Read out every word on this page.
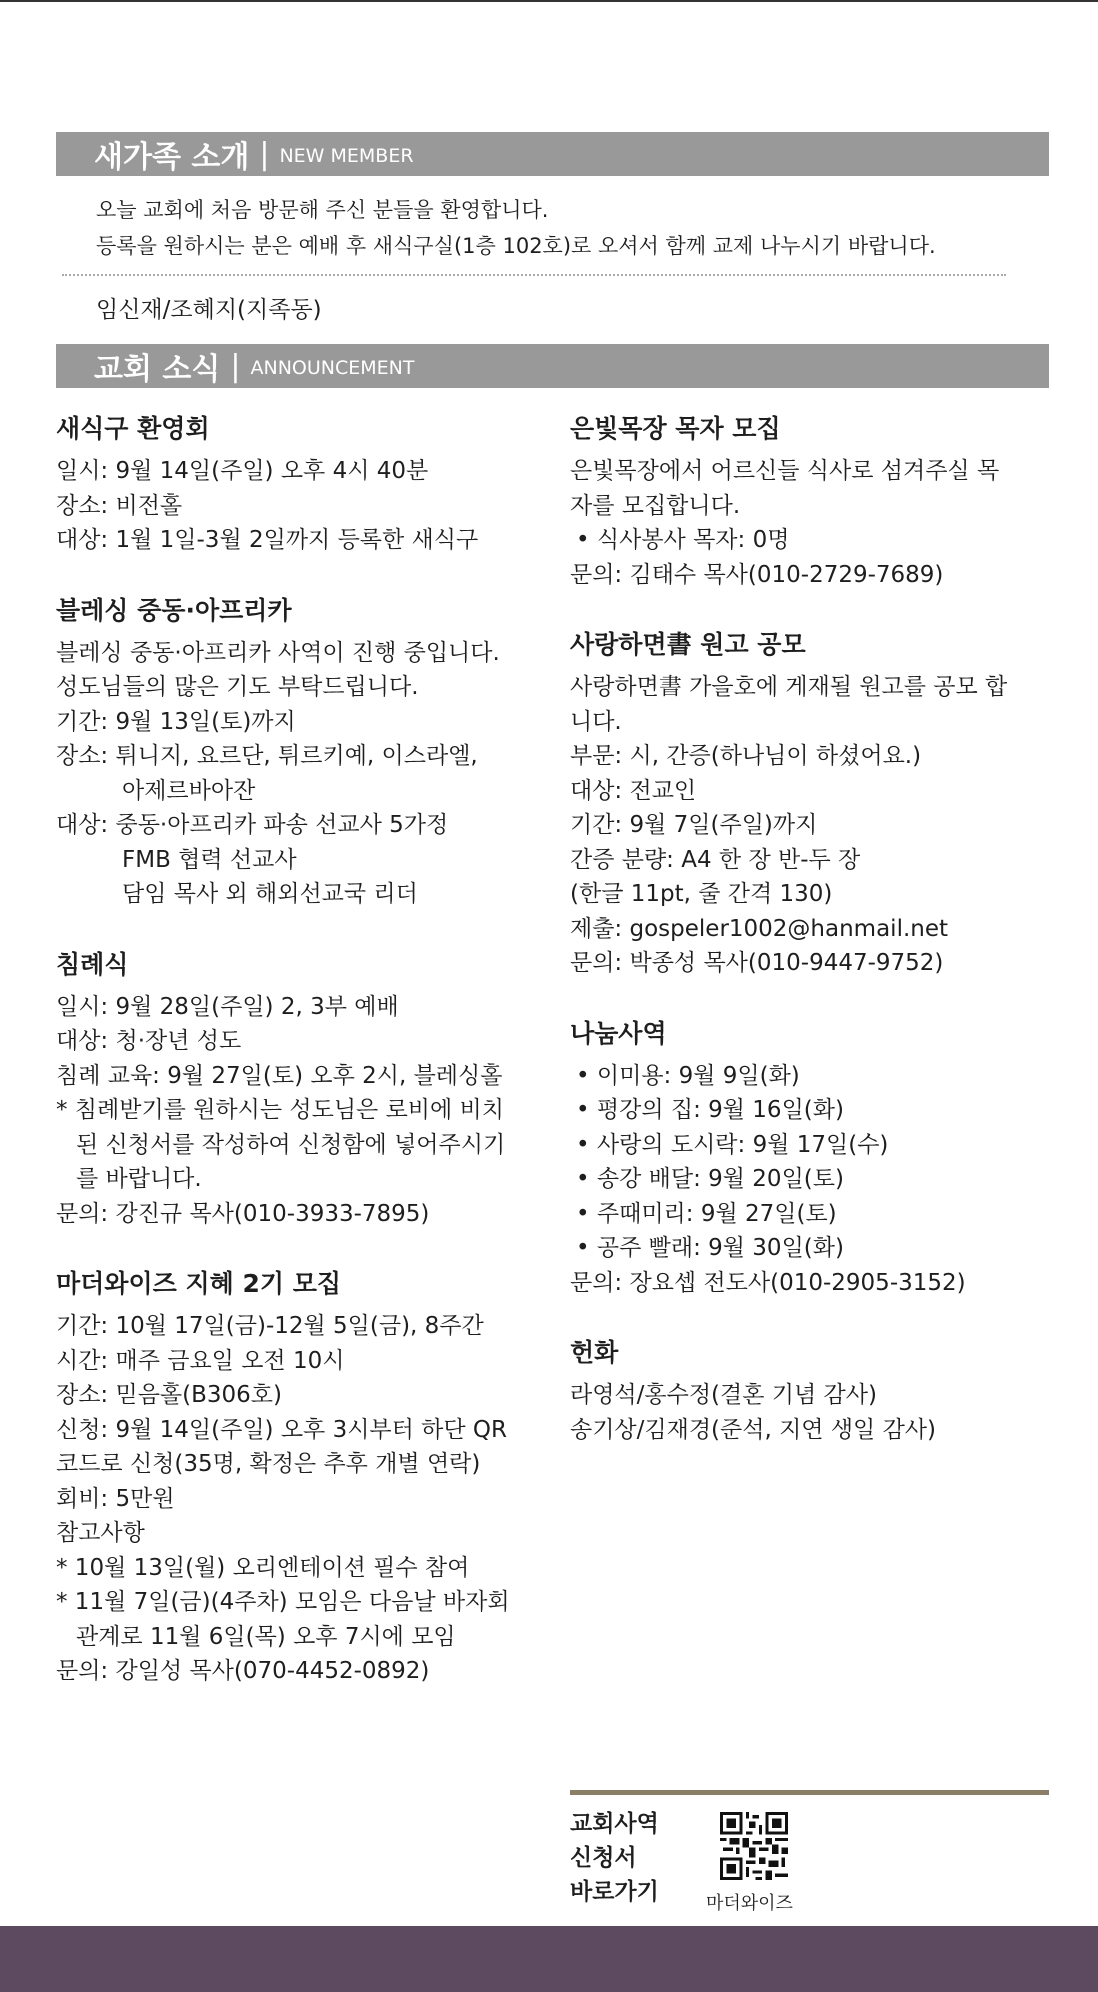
새가족 소개 | NEW MEMBER
오늘 교회에 처음 방문해 주신 분들을 환영합니다.
등록을 원하시는 분은 예배 후 새식구실(1층 102호)로 오셔서 함께 교제 나누시기 바랍니다.
임신재/조혜지(지족동)
교회 소식 | ANNOUNCEMENT
새식구 환영회
일시: 9월 14일(주일) 오후 4시 40분
장소: 비전홀
대상: 1월 1일-3월 2일까지 등록한 새식구
블레싱 중동·아프리카
블레싱 중동·아프리카 사역이 진행 중입니다.
성도님들의 많은 기도 부탁드립니다.
기간: 9월 13일(토)까지
장소: 튀니지, 요르단, 튀르키예, 이스라엘,
아제르바아잔
대상: 중동·아프리카 파송 선교사 5가정
FMB 협력 선교사
담임 목사 외 해외선교국 리더
침례식
일시: 9월 28일(주일) 2, 3부 예배
대상: 청·장년 성도
침례 교육: 9월 27일(토) 오후 2시, 블레싱홀
* 침례받기를 원하시는 성도님은 로비에 비치
된 신청서를 작성하여 신청함에 넣어주시기
를 바랍니다.
문의: 강진규 목사(010-3933-7895)
마더와이즈 지혜 2기 모집
기간: 10월 17일(금)-12월 5일(금), 8주간
시간: 매주 금요일 오전 10시
장소: 믿음홀(B306호)
신청: 9월 14일(주일) 오후 3시부터 하단 QR
코드로 신청(35명, 확정은 추후 개별 연락)
회비: 5만원
참고사항
* 10월 13일(월) 오리엔테이션 필수 참여
* 11월 7일(금)(4주차) 모임은 다음날 바자회
관계로 11월 6일(목) 오후 7시에 모임
문의: 강일성 목사(070-4452-0892)
은빛목장 목자 모집
은빛목장에서 어르신들 식사로 섬겨주실 목
자를 모집합니다.
• 식사봉사 목자: 0명
문의: 김태수 목사(010-2729-7689)
사랑하면書 원고 공모
사랑하면書 가을호에 게재될 원고를 공모 합
니다.
부문: 시, 간증(하나님이 하셨어요.)
대상: 전교인
기간: 9월 7일(주일)까지
간증 분량: A4 한 장 반-두 장
(한글 11pt, 줄 간격 130)
제출: gospeler1002@hanmail.net
문의: 박종성 목사(010-9447-9752)
나눔사역
• 이미용: 9월 9일(화)
• 평강의 집: 9월 16일(화)
• 사랑의 도시락: 9월 17일(수)
• 송강 배달: 9월 20일(토)
• 주때미리: 9월 27일(토)
• 공주 빨래: 9월 30일(화)
문의: 장요셉 전도사(010-2905-3152)
헌화
라영석/홍수정(결혼 기념 감사)
송기상/김재경(준석, 지연 생일 감사)
교회사역
신청서
바로가기	마더와이즈
